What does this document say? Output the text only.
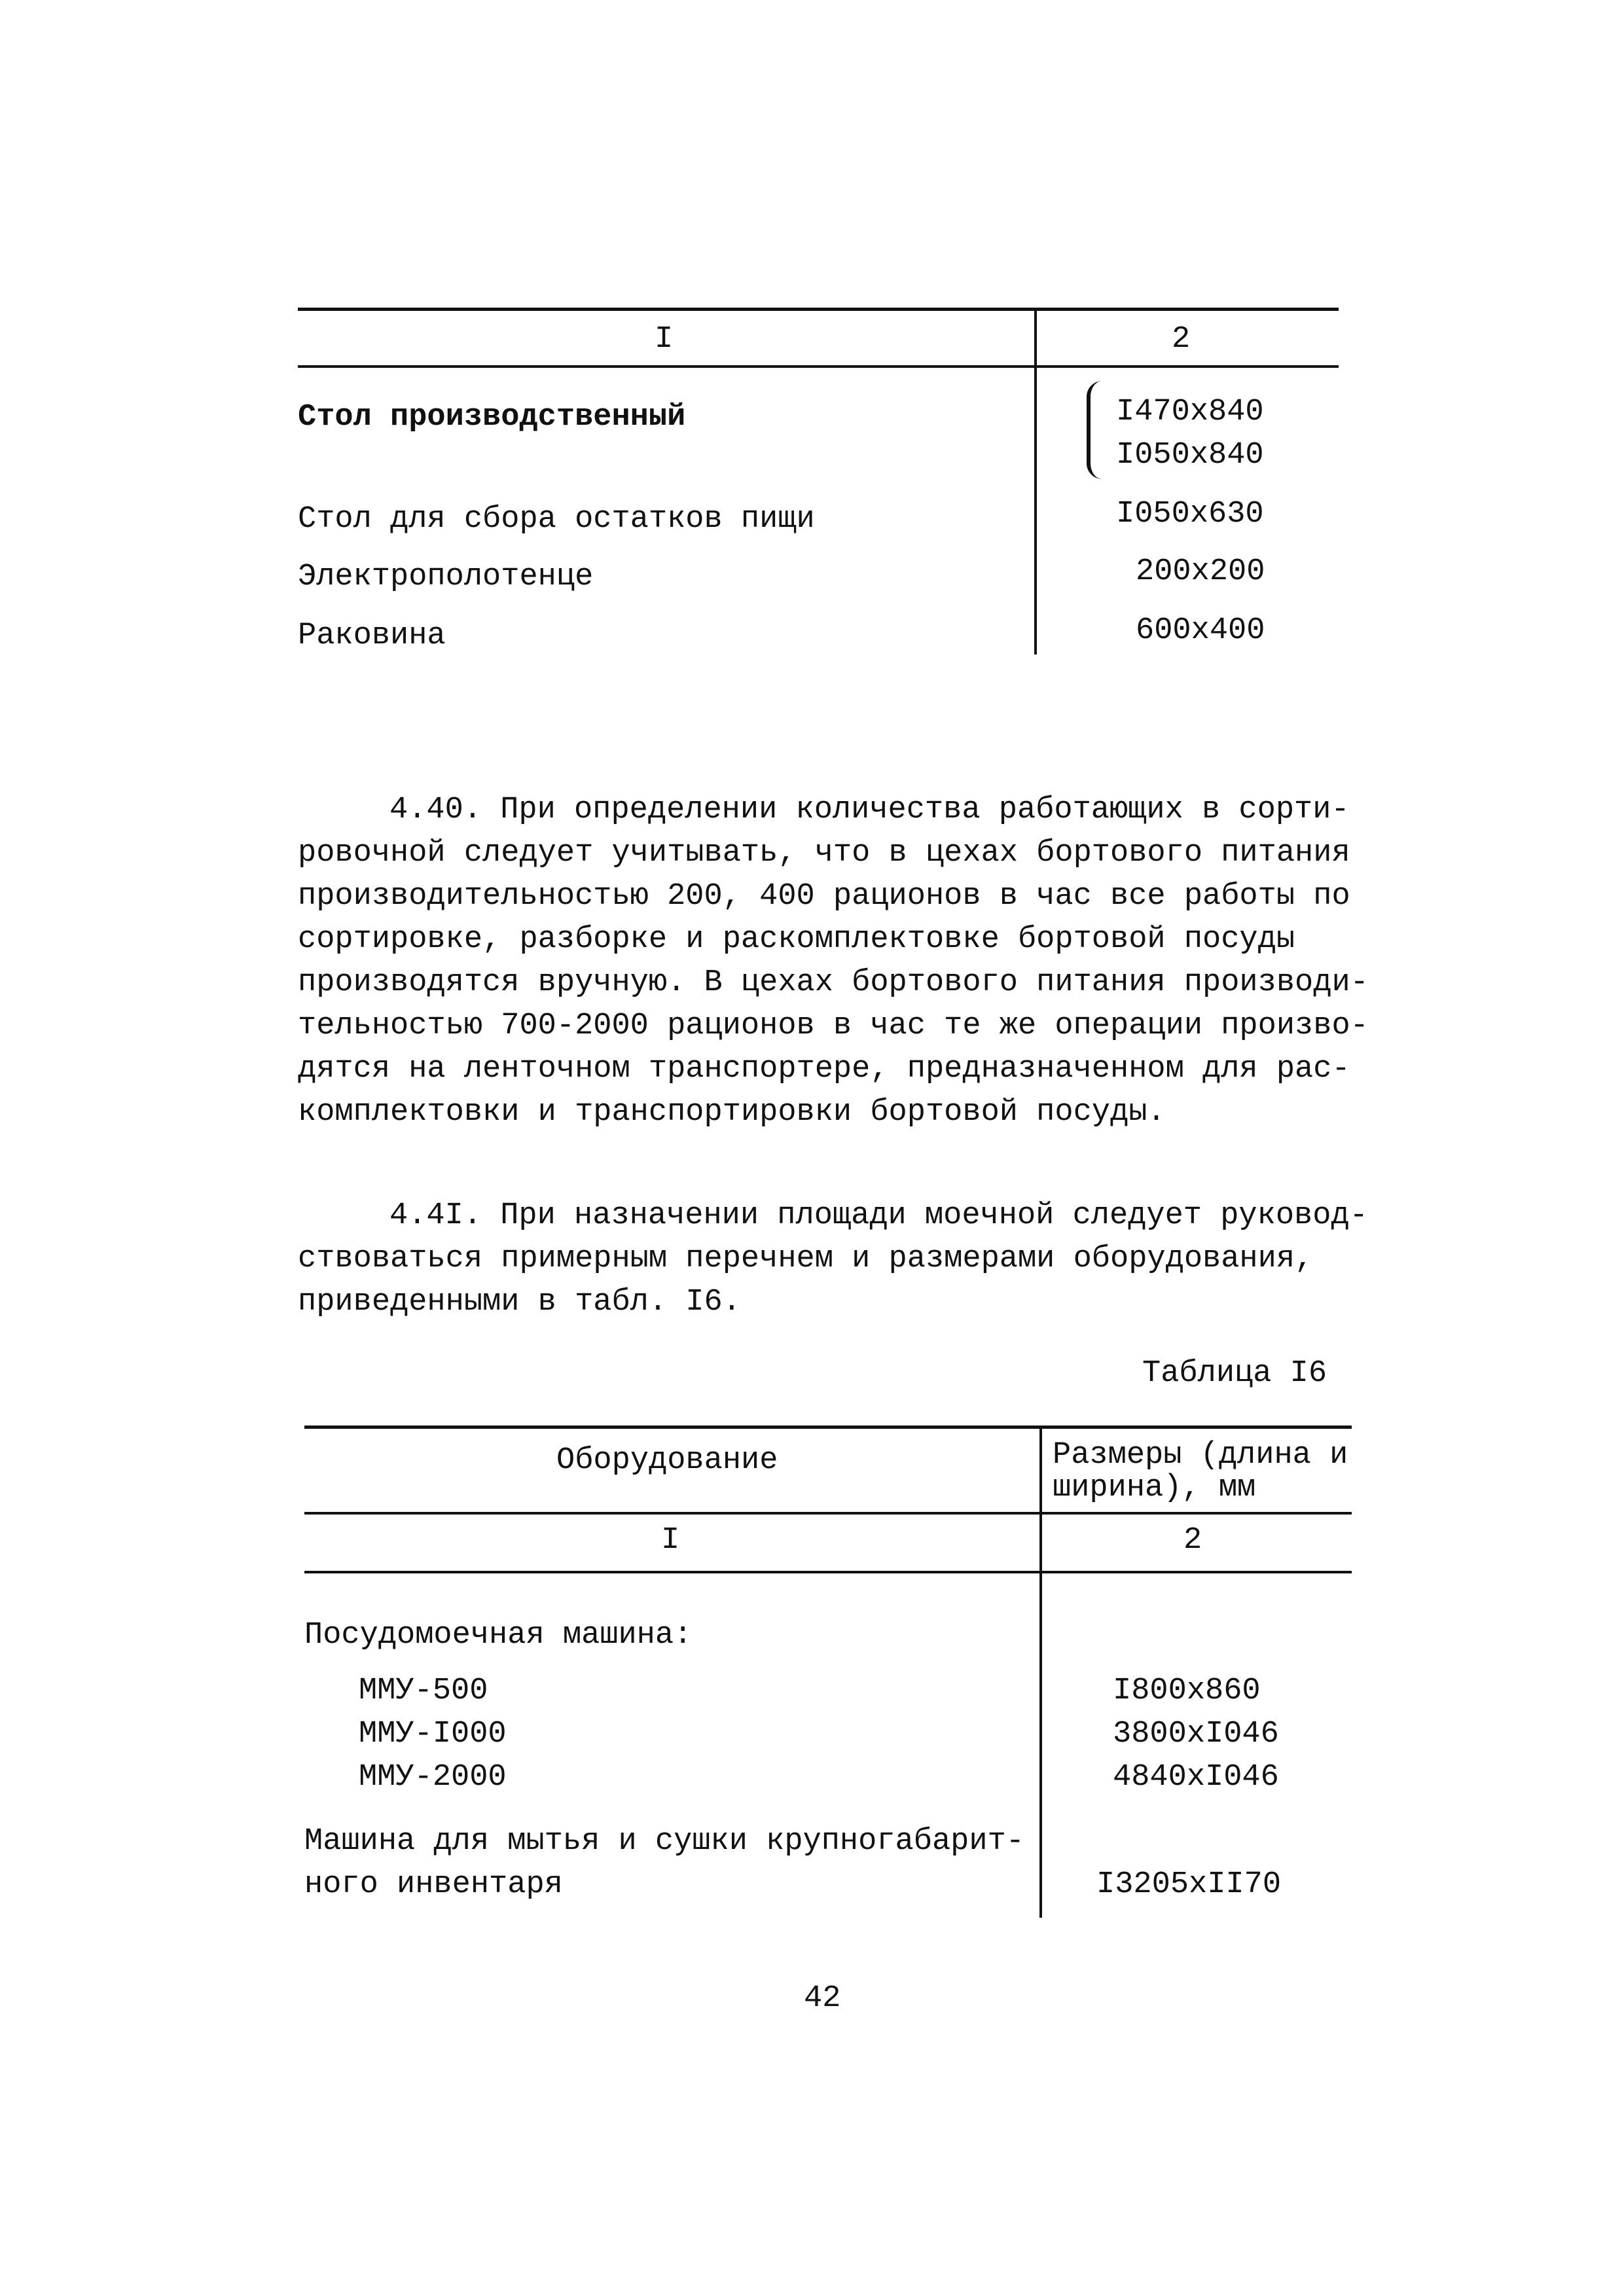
I	2
Стол производственный	I470х840
I050х840
Стол для сбора остатков пищи	I050х630
Электрополотенце	200х200
Раковина	600х400
4.40. При определении количества работающих в сорти-
ровочной следует учитывать, что в цехах бортового питания
производительностью 200, 400 рационов в час все работы по
сортировке, разборке и раскомплектовке бортовой посуды
производятся вручную. В цехах бортового питания производи-
тельностью 700-2000 рационов в час те же операции произво-
дятся на ленточном транспортере, предназначенном для рас-
комплектовки и транспортировки бортовой посуды.
4.4I. При назначении площади моечной следует руковод-
ствоваться примерным перечнем и размерами оборудования,
приведенными в табл. I6.
Таблица I6
Оборудование	Размеры (длина и
ширина), мм
I	2
Посудомоечная машина:
ММУ-500	I800х860
ММУ-I000	3800хI046
ММУ-2000	4840хI046
Машина для мытья и сушки крупногабарит-
ного инвентаря	I3205хII70
42
